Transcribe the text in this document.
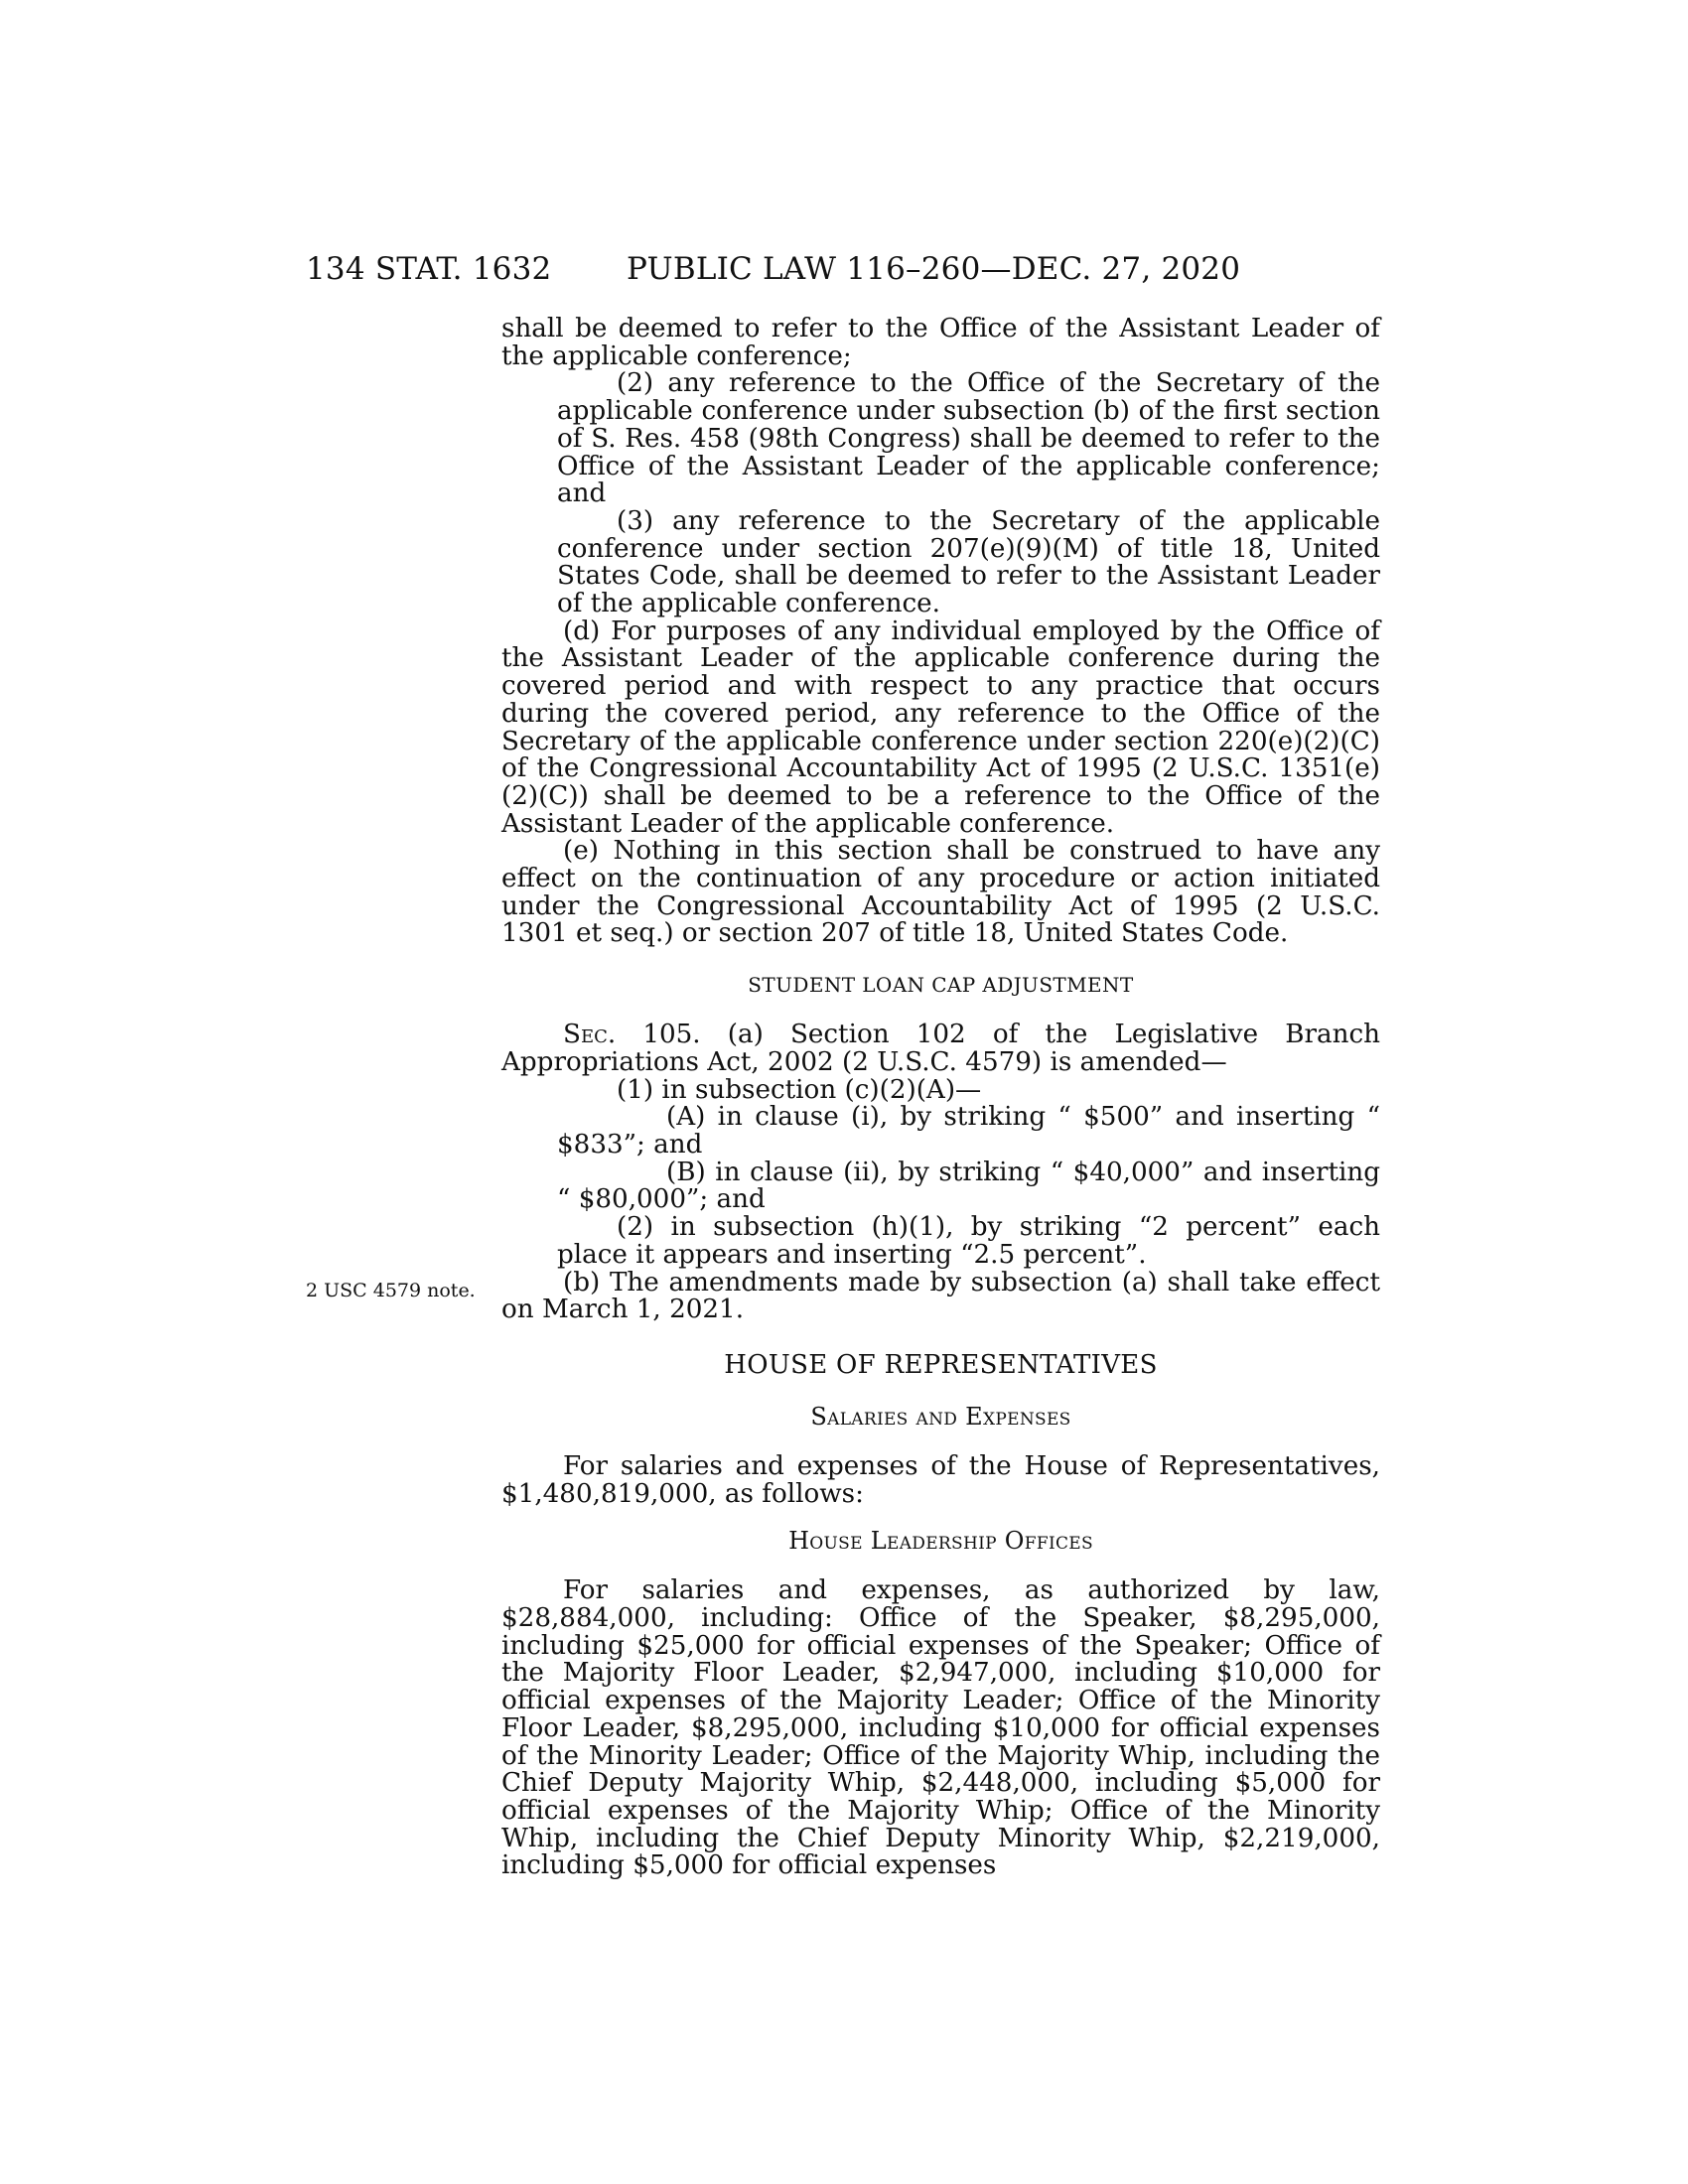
134 STAT. 1632 PUBLIC LAW 116–260—DEC. 27, 2020
2 USC 4579 note.

shall be deemed to refer to the Office of the Assistant Leader of the applicable conference;

(2) any reference to the Office of the Secretary of the applicable conference under subsection (b) of the first section of S. Res. 458 (98th Congress) shall be deemed to refer to the Office of the Assistant Leader of the applicable conference; and

(3) any reference to the Secretary of the applicable conference under section 207(e)(9)(M) of title 18, United States Code, shall be deemed to refer to the Assistant Leader of the applicable conference.

(d) For purposes of any individual employed by the Office of the Assistant Leader of the applicable conference during the covered period and with respect to any practice that occurs during the covered period, any reference to the Office of the Secretary of the applicable conference under section 220(e)(2)(C) of the Congressional Accountability Act of 1995 (2 U.S.C. 1351(e)(2)(C)) shall be deemed to be a reference to the Office of the Assistant Leader of the applicable conference.

(e) Nothing in this section shall be construed to have any effect on the continuation of any procedure or action initiated under the Congressional Accountability Act of 1995 (2 U.S.C. 1301 et seq.) or section 207 of title 18, United States Code.

STUDENT LOAN CAP ADJUSTMENT

Sec. 105. (a) Section 102 of the Legislative Branch Appropriations Act, 2002 (2 U.S.C. 4579) is amended—

(1) in subsection (c)(2)(A)—

(A) in clause (i), by striking “ $500” and inserting “ $833”; and

(B) in clause (ii), by striking “ $40,000” and inserting “ $80,000”; and

(2) in subsection (h)(1), by striking “2 percent” each place it appears and inserting “2.5 percent”.

(b) The amendments made by subsection (a) shall take effect on March 1, 2021.

HOUSE OF REPRESENTATIVES

Salaries and Expenses

For salaries and expenses of the House of Representatives, $1,480,819,000, as follows:

House Leadership Offices

For salaries and expenses, as authorized by law, $28,884,000, including: Office of the Speaker, $8,295,000, including $25,000 for official expenses of the Speaker; Office of the Majority Floor Leader, $2,947,000, including $10,000 for official expenses of the Majority Leader; Office of the Minority Floor Leader, $8,295,000, including $10,000 for official expenses of the Minority Leader; Office of the Majority Whip, including the Chief Deputy Majority Whip, $2,448,000, including $5,000 for official expenses of the Majority Whip; Office of the Minority Whip, including the Chief Deputy Minority Whip, $2,219,000, including $5,000 for official expenses
